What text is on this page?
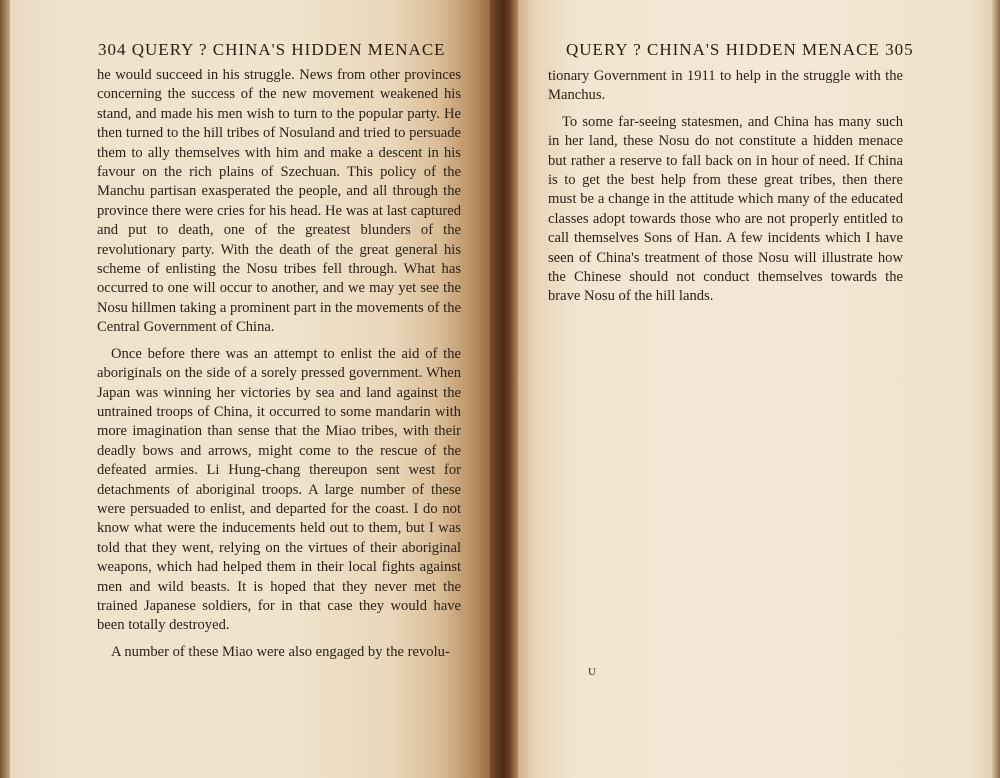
304 QUERY ? CHINA'S HIDDEN MENACE

he would succeed in his struggle. News from other provinces concerning the success of the new movement weakened his stand, and made his men wish to turn to the popular party. He then turned to the hill tribes of Nosuland and tried to persuade them to ally themselves with him and make a descent in his favour on the rich plains of Szechuan. This policy of the Manchu partisan exasperated the people, and all through the province there were cries for his head. He was at last captured and put to death, one of the greatest blunders of the revolutionary party. With the death of the great general his scheme of enlisting the Nosu tribes fell through. What has occurred to one will occur to another, and we may yet see the Nosu hillmen taking a prominent part in the movements of the Central Government of China.

Once before there was an attempt to enlist the aid of the aboriginals on the side of a sorely pressed government. When Japan was winning her victories by sea and land against the untrained troops of China, it occurred to some mandarin with more imagination than sense that the Miao tribes, with their deadly bows and arrows, might come to the rescue of the defeated armies. Li Hung-chang thereupon sent west for detachments of aboriginal troops. A large number of these were persuaded to enlist, and departed for the coast. I do not know what were the inducements held out to them, but I was told that they went, relying on the virtues of their aboriginal weapons, which had helped them in their local fights against men and wild beasts. It is hoped that they never met the trained Japanese soldiers, for in that case they would have been totally destroyed.

A number of these Miao were also engaged by the revolu-

QUERY ? CHINA'S HIDDEN MENACE 305

tionary Government in 1911 to help in the struggle with the Manchus.

To some far-seeing statesmen, and China has many such in her land, these Nosu do not constitute a hidden menace but rather a reserve to fall back on in hour of need. If China is to get the best help from these great tribes, then there must be a change in the attitude which many of the educated classes adopt towards those who are not properly entitled to call themselves Sons of Han. A few incidents which I have seen of China's treatment of those Nosu will illustrate how the Chinese should not conduct themselves towards the brave Nosu of the hill lands.

U
